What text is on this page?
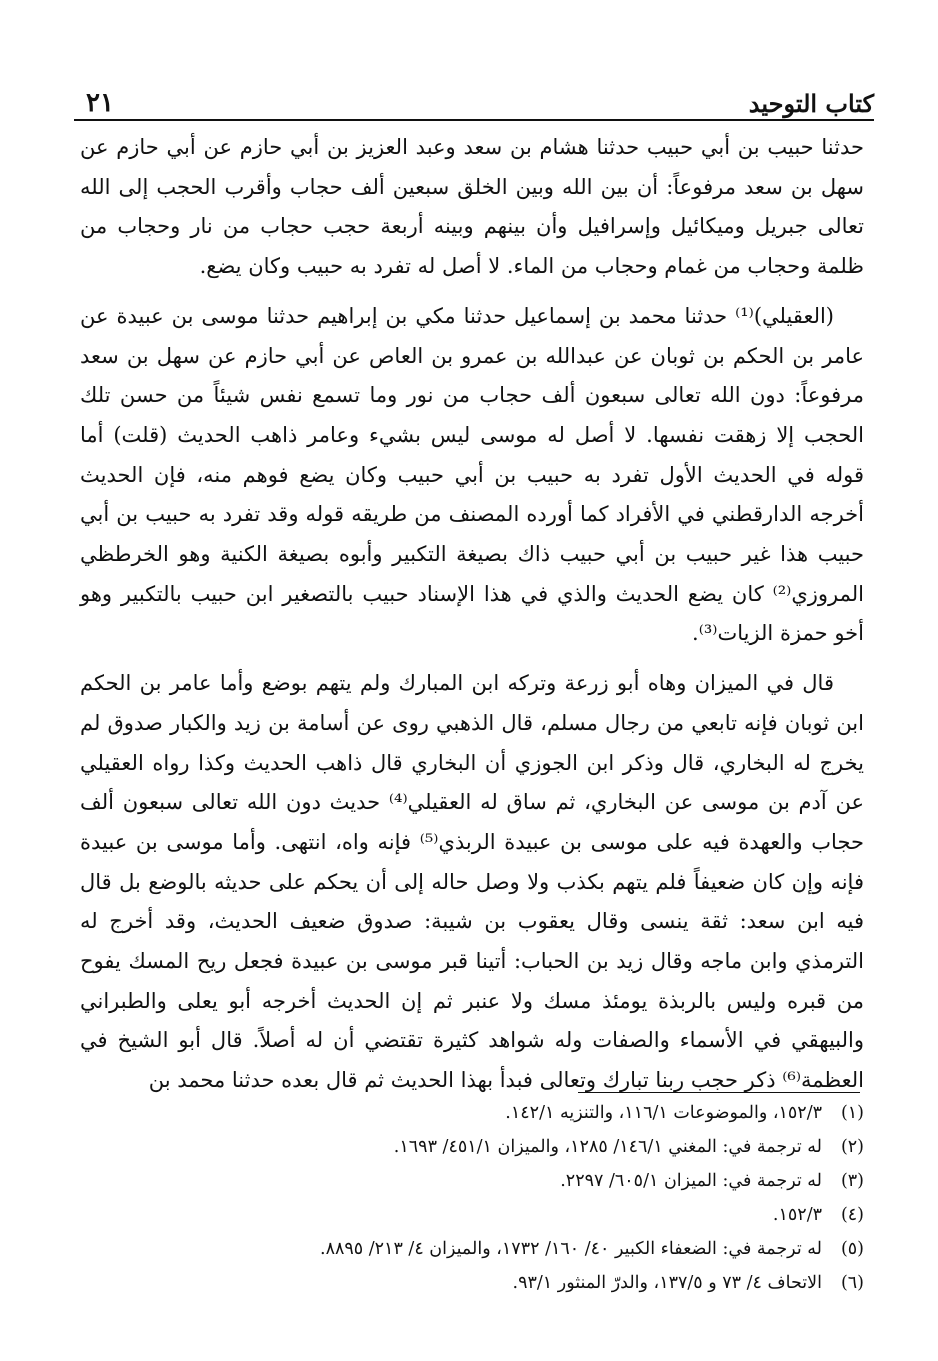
٢١	كتاب التوحيد

حدثنا حبيب بن أبي حبيب حدثنا هشام بن سعد وعبد العزيز بن أبي حازم عن أبي حازم عن سهل بن سعد مرفوعاً: أن بين الله وبين الخلق سبعين ألف حجاب وأقرب الحجب إلى الله تعالى جبريل وميكائيل وإسرافيل وأن بينهم وبينه أربعة حجب حجاب من نار وحجاب من ظلمة وحجاب من غمام وحجاب من الماء. لا أصل له تفرد به حبيب وكان يضع.

(العقيلي)⁽¹⁾ حدثنا محمد بن إسماعيل حدثنا مكي بن إبراهيم حدثنا موسى بن عبيدة عن عامر بن الحكم بن ثوبان عن عبدالله بن عمرو بن العاص عن أبي حازم عن سهل بن سعد مرفوعاً: دون الله تعالى سبعون ألف حجاب من نور وما تسمع نفس شيئاً من حسن تلك الحجب إلا زهقت نفسها. لا أصل له موسى ليس بشيء وعامر ذاهب الحديث (قلت) أما قوله في الحديث الأول تفرد به حبيب بن أبي حبيب وكان يضع فوهم منه، فإن الحديث أخرجه الدارقطني في الأفراد كما أورده المصنف من طريقه قوله وقد تفرد به حبيب بن أبي حبيب هذا غير حبيب بن أبي حبيب ذاك بصيغة التكبير وأبوه بصيغة الكنية وهو الخرطظي المروزي⁽²⁾ كان يضع الحديث والذي في هذا الإسناد حبيب بالتصغير ابن حبيب بالتكبير وهو أخو حمزة الزيات⁽³⁾.

قال في الميزان وهاه أبو زرعة وتركه ابن المبارك ولم يتهم بوضع وأما عامر بن الحكم ابن ثوبان فإنه تابعي من رجال مسلم، قال الذهبي روى عن أسامة بن زيد والكبار صدوق لم يخرج له البخاري، قال وذكر ابن الجوزي أن البخاري قال ذاهب الحديث وكذا رواه العقيلي عن آدم بن موسى عن البخاري، ثم ساق له العقيلي⁽⁴⁾ حديث دون الله تعالى سبعون ألف حجاب والعهدة فيه على موسى بن عبيدة الربذي⁽⁵⁾ فإنه واه، انتهى. وأما موسى بن عبيدة فإنه وإن كان ضعيفاً فلم يتهم بكذب ولا وصل حاله إلى أن يحكم على حديثه بالوضع بل قال فيه ابن سعد: ثقة ينسى وقال يعقوب بن شيبة: صدوق ضعيف الحديث، وقد أخرج له الترمذي وابن ماجه وقال زيد بن الحباب: أتينا قبر موسى بن عبيدة فجعل ريح المسك يفوح من قبره وليس بالربذة يومئذ مسك ولا عنبر ثم إن الحديث أخرجه أبو يعلى والطبراني والبيهقي في الأسماء والصفات وله شواهد كثيرة تقتضي أن له أصلاً. قال أبو الشيخ في العظمة⁽⁶⁾ ذكر حجب ربنا تبارك وتعالى فبدأ بهذا الحديث ثم قال بعده حدثنا محمد بن

(١)
١٥٢/٣، والموضوعات ١١٦/١، والتنزيه ١٤٢/١.
(٢)
له ترجمة في: المغني ١٤٦/١/ ١٢٨٥، والميزان ٤٥١/١/ ١٦٩٣.
(٣)
له ترجمة في: الميزان ٦٠٥/١/ ٢٢٩٧.
(٤)
١٥٢/٣.
(٥)
له ترجمة في: الضعفاء الكبير ٤٠/ ١٦٠/ ١٧٣٢، والميزان ٤/ ٢١٣/ ٨٨٩٥.
(٦)
الاتحاف ٤/ ٧٣ و ١٣٧/٥، والدرّ المنثور ٩٣/١.
